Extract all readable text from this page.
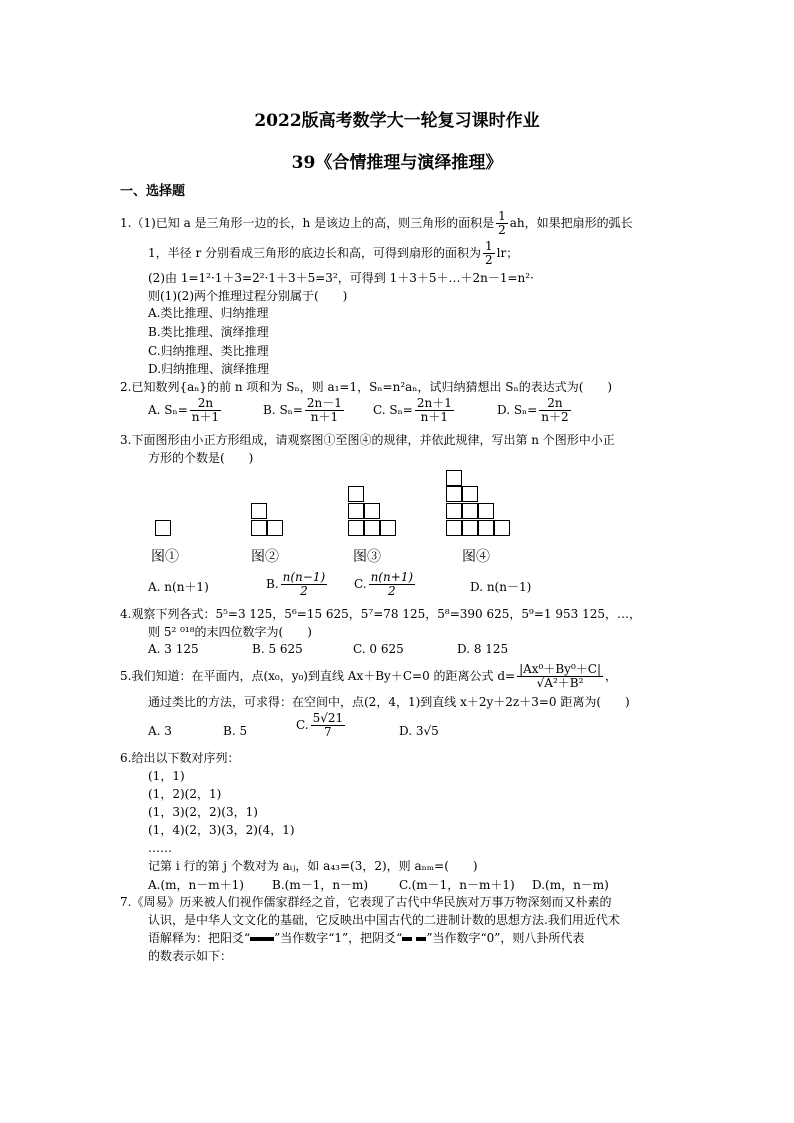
2022版高考数学大一轮复习课时作业
39《合情推理与演绎推理》
一、选择题
1.（1)已知 a 是三角形一边的长，h 是该边上的高，则三角形的面积是 $\frac{1}{2}$ ah，如果把扇形的弧长
1，半径 r 分别看成三角形的底边长和高，可得到扇形的面积为 $\frac{1}{2}$ lr；
(2)由 1=1²·1＋3=2²·1＋3＋5=3²，可得到 1＋3＋5＋…＋2n－1=n²·
则(1)(2)两个推理过程分别属于(　　)
A.类比推理、归纳推理
B.类比推理、演绎推理
C.归纳推理、类比推理
D.归纳推理、演绎推理
2.已知数列{aₙ}的前 n 项和为 Sₙ，则 a₁=1，Sₙ=n²aₙ，试归纳猜想出 Sₙ的表达式为(　　)
A. $S_n= \frac{2n}{n+1}$	B. $S_n= \frac{2n-1}{n+1} C$. $S_n= \frac{2n+1}{n+1}$	D. $S_n= \frac{2n}{n+2}$
3.下面图形由小正方形组成，请观察图①至图④的规律，并依此规律，写出第 n 个图形中小正
方形的个数是(　　)
图①	图②	图③	图④
A. n(n＋1)	B. $\frac{n(n-1)}{2} C$. $\frac{n(n+1)}{2}$	D. n(n－1)
4.观察下列各式：5⁵=3 125，5⁶=15 625，5⁷=78 125，5⁸=390 625，5⁹=1 953 125，…，
则 5² ⁰¹⁸的末四位数字为(　　)
A. 3 125	B. 5 625	C. 0 625	D. 8 125
5.我们知道：在平面内，点(x₀，y₀)到直线 Ax＋By＋C=0 的距离公式 $d= \frac{\text{|Ax⁰＋By⁰＋C|}}{\text{√A²＋B²}}$ ，
通过类比的方法，可求得：在空间中，点(2，4，1)到直线 x＋2y＋2z＋3=0 距离为(　　)
A. 3	B. 5	C. $\frac{5√21}{7}$	D. 3√5
6.给出以下数对序列：
(1，1)
(1，2)(2，1)
(1，3)(2，2)(3，1)
(1，4)(2，3)(3，2)(4，1)
……
记第 i 行的第 j 个数对为 aᵢⱼ，如 a₄₃=(3，2)，则 aₙₘ=(　　)
A.(m，n－m＋1) B.(m－1，n－m)	C.(m－1，n－m＋1) D.(m，n－m)
7.《周易》历来被人们视作儒家群经之首，它表现了古代中华民族对万事万物深刻而又朴素的
认识，是中华人文文化的基础，它反映出中国古代的二进制计数的思想方法.我们用近代术
语解释为：把阳爻“ ”当作数字“1”，把阴爻“ ”当作数字“0”，则八卦所代表
的数表示如下：
